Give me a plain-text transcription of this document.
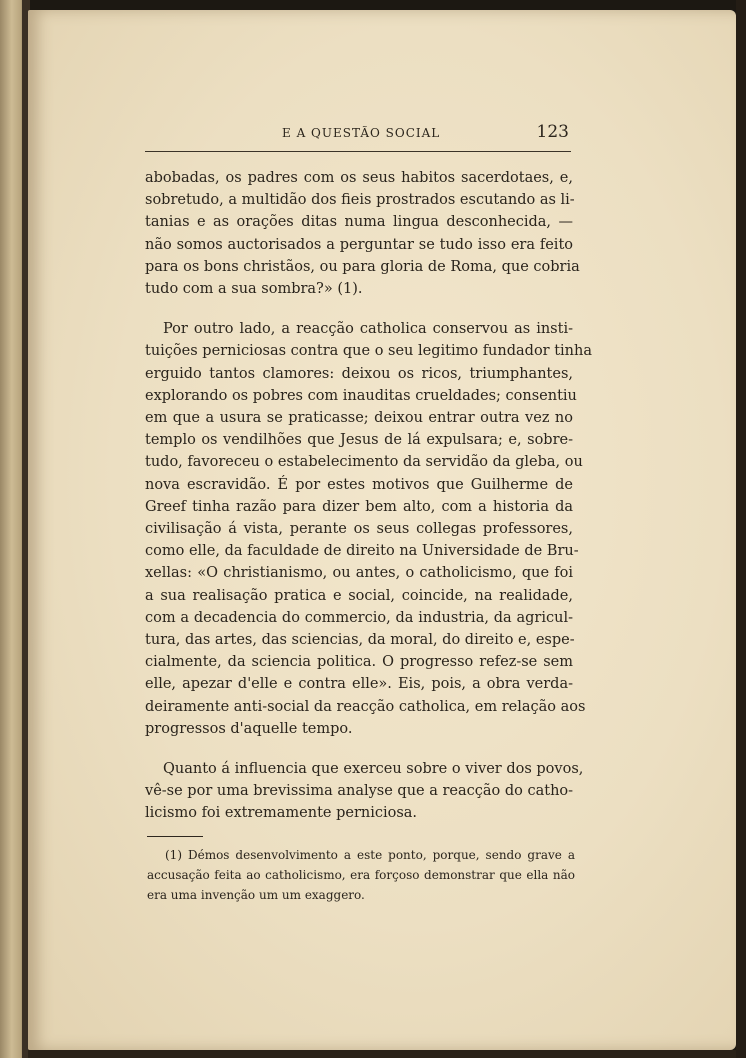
E A QUESTÃO SOCIAL	123

abobadas, os padres com os seus habitos sacerdotaes, e,
sobretudo, a multidão dos fieis prostrados escutando as li-
tanias e as orações ditas numa lingua desconhecida, —
não somos auctorisados a perguntar se tudo isso era feito
para os bons christãos, ou para gloria de Roma, que cobria
tudo com a sua sombra?» (1).

Por outro lado, a reacção catholica conservou as insti-
tuições perniciosas contra que o seu legitimo fundador tinha
erguido tantos clamores: deixou os ricos, triumphantes,
explorando os pobres com inauditas crueldades; consentiu
em que a usura se praticasse; deixou entrar outra vez no
templo os vendilhões que Jesus de lá expulsara; e, sobre-
tudo, favoreceu o estabelecimento da servidão da gleba, ou
nova escravidão. É por estes motivos que Guilherme de
Greef tinha razão para dizer bem alto, com a historia da
civilisação á vista, perante os seus collegas professores,
como elle, da faculdade de direito na Universidade de Bru-
xellas: «O christianismo, ou antes, o catholicismo, que foi
a sua realisação pratica e social, coincide, na realidade,
com a decadencia do commercio, da industria, da agricul-
tura, das artes, das sciencias, da moral, do direito e, espe-
cialmente, da sciencia politica. O progresso refez-se sem
elle, apezar d'elle e contra elle». Eis, pois, a obra verda-
deiramente anti-social da reacção catholica, em relação aos
progressos d'aquelle tempo.

Quanto á influencia que exerceu sobre o viver dos povos,
vê-se por uma brevissima analyse que a reacção do catho-
licismo foi extremamente perniciosa.

(1) Démos desenvolvimento a este ponto, porque, sendo grave a
accusação feita ao catholicismo, era forçoso demonstrar que ella não
era uma invenção um um exaggero.
